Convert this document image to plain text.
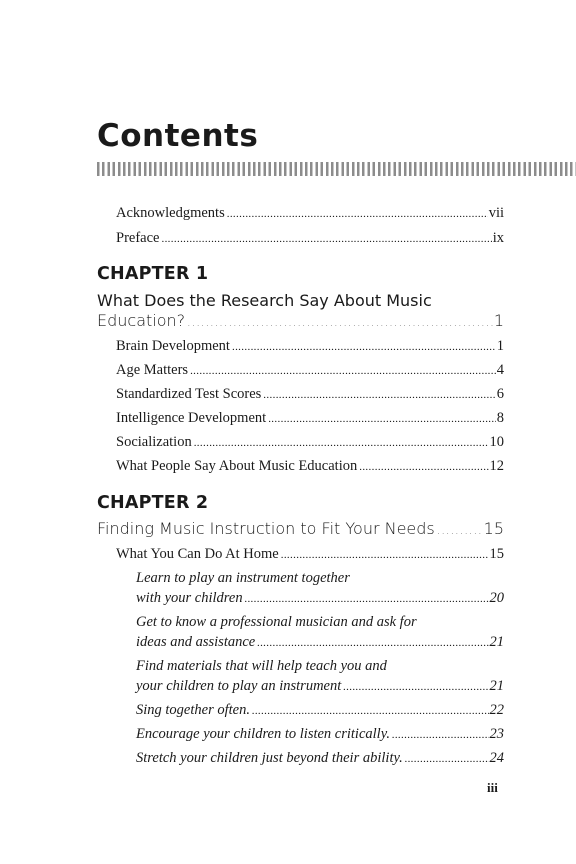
Contents
Acknowledgments . . .	vii
Preface . . .	ix
CHAPTER 1
What Does the Research Say About Music
Education? . . .	1
Brain Development . . .	1
Age Matters . . .	4
Standardized Test Scores . . .	6
Intelligence Development . . .	8
Socialization . . .	10
What People Say About Music Education . . .	12
CHAPTER 2
Finding Music Instruction to Fit Your Needs . . .	15
What You Can Do At Home . . .	15
Learn to play an instrument together
with your children . . .	20
Get to know a professional musician and ask for
ideas and assistance . . .	21
Find materials that will help teach you and
your children to play an instrument . . .	21
Sing together often. . . .	22
Encourage your children to listen critically. . . .	23
Stretch your children just beyond their ability. . . .	24
iii
